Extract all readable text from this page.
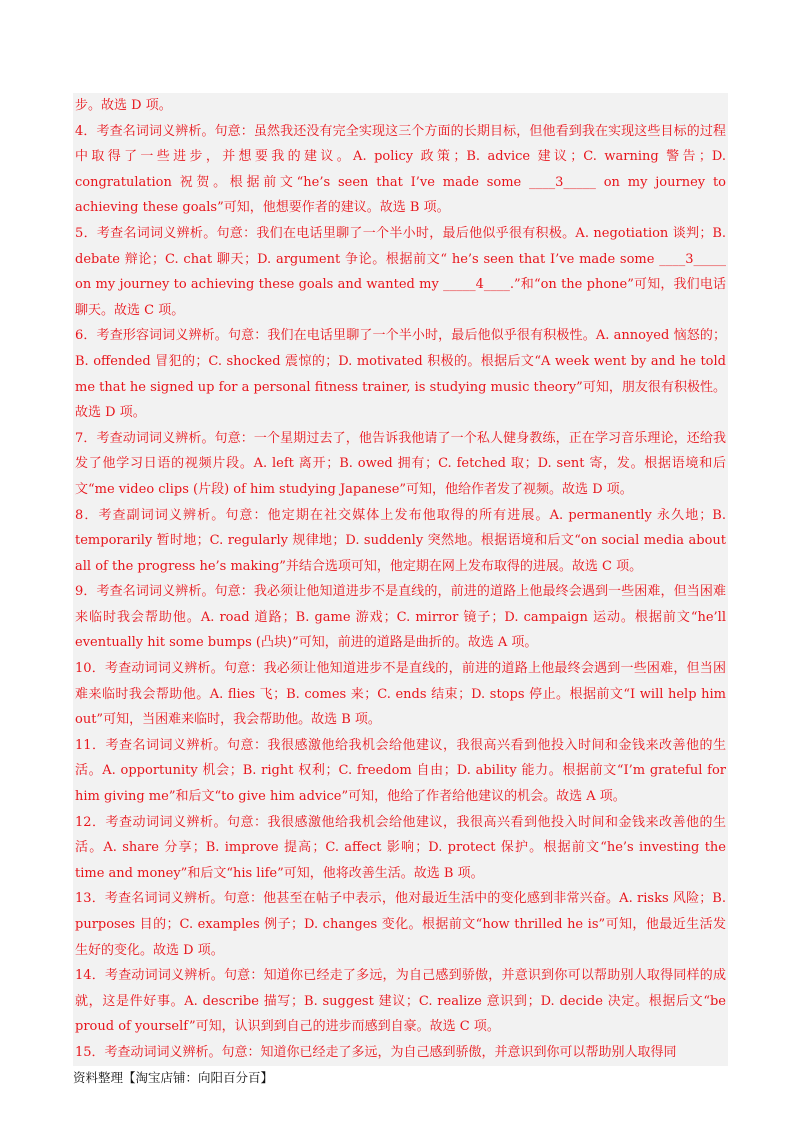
步。故选 D 项。

4．考查名词词义辨析。句意：虽然我还没有完全实现这三个方面的长期目标，但他看到我在实现这些目标的过程中取得了一些进步，并想要我的建议。A. policy 政策；B. advice 建议；C. warning 警告；D. congratulation 祝贺。根据前文“he’s seen that I’ve made some ____3_____ on my journey to achieving these goals”可知，他想要作者的建议。故选 B 项。

5．考查名词词义辨析。句意：我们在电话里聊了一个半小时，最后他似乎很有积极。A. negotiation 谈判；B. debate 辩论；C. chat 聊天；D. argument 争论。根据前文“ he’s seen that I’ve made some ____3_____ on my journey to achieving these goals and wanted my _____4____.”和“on the phone”可知，我们电话聊天。故选 C 项。

6．考查形容词词义辨析。句意：我们在电话里聊了一个半小时，最后他似乎很有积极性。A. annoyed 恼怒的；B. offended 冒犯的；C. shocked 震惊的；D. motivated 积极的。根据后文“A week went by and he told me that he signed up for a personal fitness trainer, is studying music theory”可知，朋友很有积极性。故选 D 项。

7．考查动词词义辨析。句意：一个星期过去了，他告诉我他请了一个私人健身教练，正在学习音乐理论，还给我发了他学习日语的视频片段。A. left 离开；B. owed 拥有；C. fetched 取；D. sent 寄，发。根据语境和后文“me video clips (片段) of him studying Japanese”可知，他给作者发了视频。故选 D 项。

8．考查副词词义辨析。句意：他定期在社交媒体上发布他取得的所有进展。A. permanently 永久地；B. temporarily 暂时地；C. regularly 规律地；D. suddenly 突然地。根据语境和后文“on social media about all of the progress he’s making”并结合选项可知，他定期在网上发布取得的进展。故选 C 项。

9．考查名词词义辨析。句意：我必须让他知道进步不是直线的，前进的道路上他最终会遇到一些困难，但当困难来临时我会帮助他。A. road 道路；B. game 游戏；C. mirror 镜子；D. campaign 运动。根据前文“he’ll eventually hit some bumps (凸块)”可知，前进的道路是曲折的。故选 A 项。

10．考查动词词义辨析。句意：我必须让他知道进步不是直线的，前进的道路上他最终会遇到一些困难，但当困难来临时我会帮助他。A. flies 飞；B. comes 来；C. ends 结束；D. stops 停止。根据前文“I will help him out”可知，当困难来临时，我会帮助他。故选 B 项。

11．考查名词词义辨析。句意：我很感激他给我机会给他建议，我很高兴看到他投入时间和金钱来改善他的生活。A. opportunity 机会；B. right 权利；C. freedom 自由；D. ability 能力。根据前文“I’m grateful for him giving me”和后文“to give him advice”可知，他给了作者给他建议的机会。故选 A 项。

12．考查动词词义辨析。句意：我很感激他给我机会给他建议，我很高兴看到他投入时间和金钱来改善他的生活。A. share 分享；B. improve 提高；C. affect 影响；D. protect 保护。根据前文“he’s investing the time and money”和后文“his life”可知，他将改善生活。故选 B 项。

13．考查名词词义辨析。句意：他甚至在帖子中表示，他对最近生活中的变化感到非常兴奋。A. risks 风险；B. purposes 目的；C. examples 例子；D. changes 变化。根据前文“how thrilled he is”可知，他最近生活发生好的变化。故选 D 项。

14．考查动词词义辨析。句意：知道你已经走了多远，为自己感到骄傲，并意识到你可以帮助别人取得同样的成就，这是件好事。A. describe 描写；B. suggest 建议；C. realize 意识到；D. decide 决定。根据后文“be proud of yourself”可知，认识到到自己的进步而感到自豪。故选 C 项。

15．考查动词词义辨析。句意：知道你已经走了多远，为自己感到骄傲，并意识到你可以帮助别人取得同

资料整理【淘宝店铺：向阳百分百】
